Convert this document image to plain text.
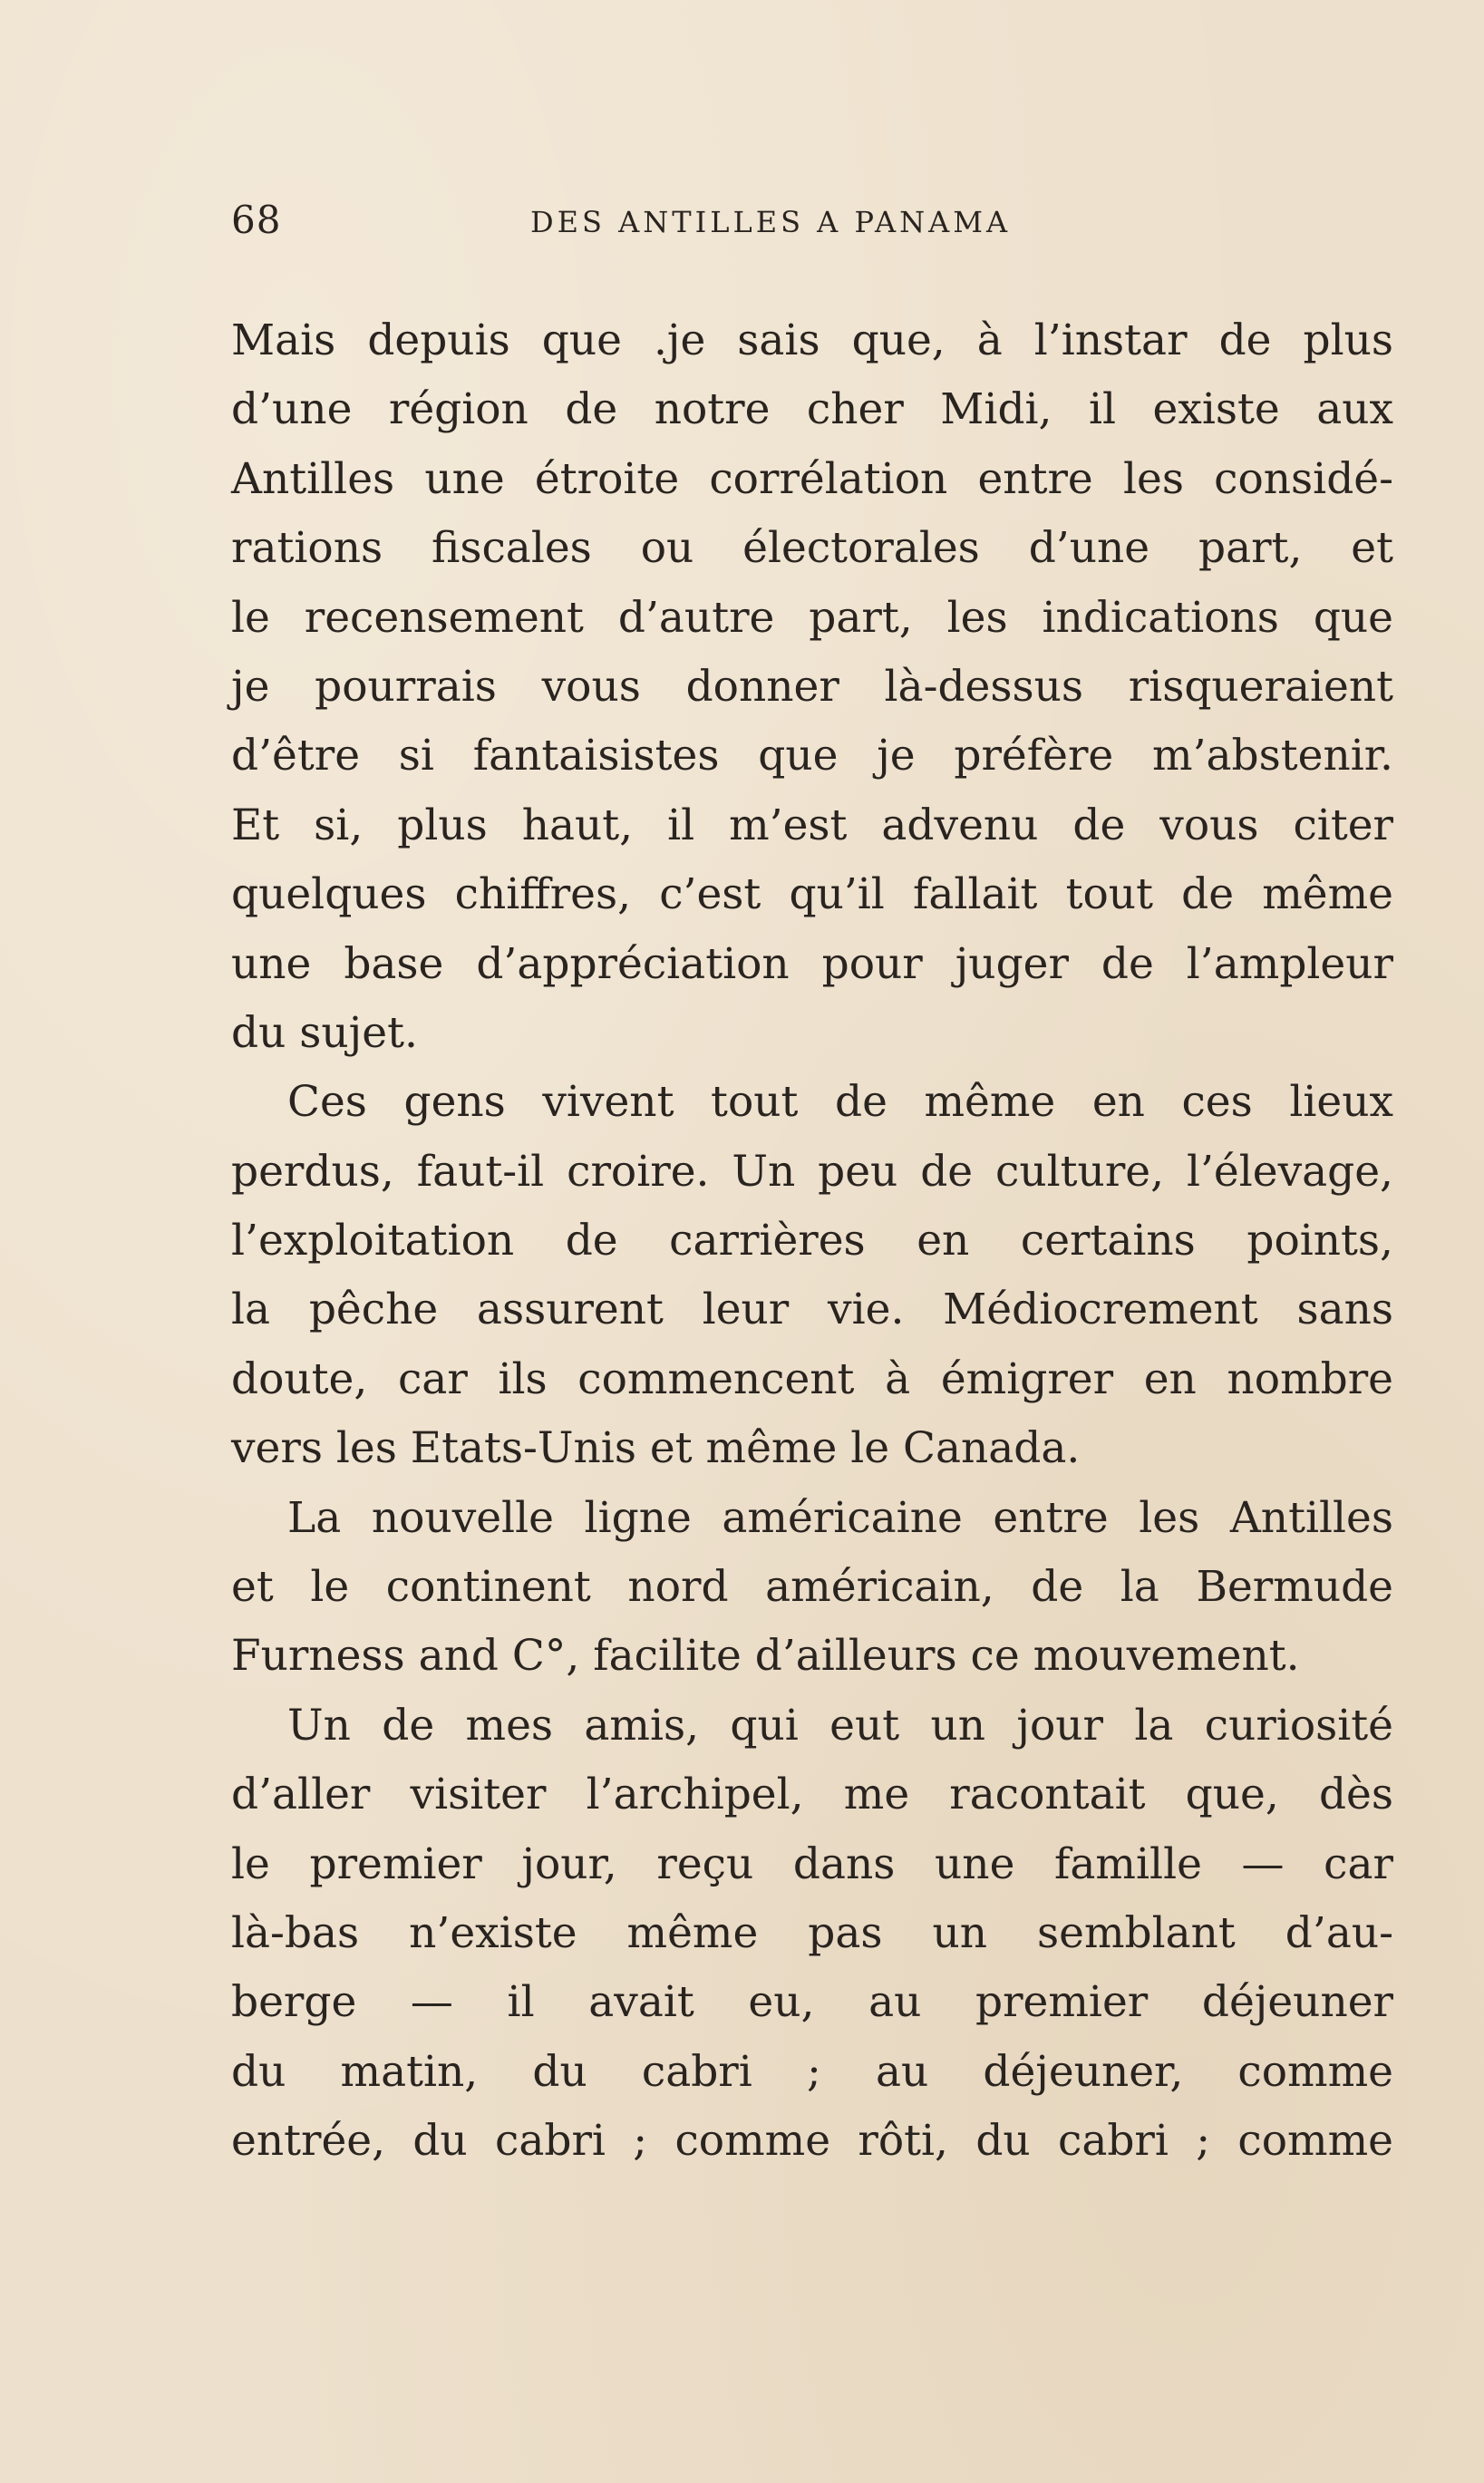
68	DES ANTILLES A PANAMA
Mais depuis que .je sais que, à l’instar de plus
d’une région de notre cher Midi, il existe aux
Antilles une étroite corrélation entre les considé-
rations fiscales ou électorales d’une part, et
le recensement d’autre part, les indications que
je pourrais vous donner là-dessus risqueraient
d’être si fantaisistes que je préfère m’abstenir.
Et si, plus haut, il m’est advenu de vous citer
quelques chiffres, c’est qu’il fallait tout de même
une base d’appréciation pour juger de l’ampleur
du sujet.
Ces gens vivent tout de même en ces lieux
perdus, faut-il croire. Un peu de culture, l’élevage,
l’exploitation de carrières en certains points,
la pêche assurent leur vie. Médiocrement sans
doute, car ils commencent à émigrer en nombre
vers les Etats-Unis et même le Canada.
La nouvelle ligne américaine entre les Antilles
et le continent nord américain, de la Bermude
Furness and C°, facilite d’ailleurs ce mouvement.
Un de mes amis, qui eut un jour la curiosité
d’aller visiter l’archipel, me racontait que, dès
le premier jour, reçu dans une famille — car
là-bas n’existe même pas un semblant d’au-
berge — il avait eu, au premier déjeuner
du matin, du cabri ; au déjeuner, comme
entrée, du cabri ; comme rôti, du cabri ; comme
